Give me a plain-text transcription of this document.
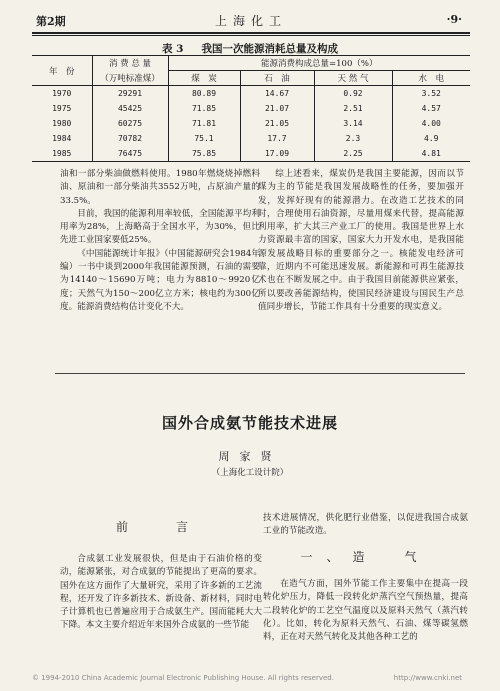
第2期	上海化工	·9·
表 3 我国一次能源消耗总量及构成
年　份	消 费 总 量	能源消费构成总量=100（%）			
	（万吨标准煤）	煤　炭	石　油	天 然 气	水　电
1970	29291	80.89	14.67	0.92	3.52
1975	45425	71.85	21.07	2.51	4.57
1980	60275	71.81	21.05	3.14	4.00
1984	70782	75.1	17.7	2.3	4.9
1985	76475	75.85	17.09	2.25	4.81

油和一部分柴油做燃料使用。1980年燃烧烧掉燃料油、原油和一部分柴油共3552万吨，占原油产量的33.5%。

目前，我国的能源利用率较低，全国能源平均利用率为28%，上海略高于全国水平，为30%，但比先进工业国家要低25%。

《中国能源统计年报》（中国能源研究会1984年编）一书中谈到2000年我国能源预测，石油的需要为14140～15690万吨；电力为8810～9920亿度；天然气为150～200亿立方米；核电约为300亿度。能源消费结构估计变化不大。

综上述看来，煤炭仍是我国主要能源，因而以节煤为主的节能是我国发展战略性的任务，要加强开发，发挥好现有的能源潜力。在改造工艺技术的同时，合理使用石油资源，尽量用煤来代替，提高能源利用率，扩大其三产业工厂的使用。我国是世界上水力资源最丰富的国家，国家大力开发水电，是我国能源发展战略目标的重要部分之一。核能发电经济可靠，近期内不可能迅速发展。新能源和可再生能源技术也在不断发展之中。由于我国目前能源供应紧张，所以要改善能源结构，使国民经济建设与国民生产总值同步增长，节能工作具有十分重要的现实意义。

国外合成氨节能技术进展
周家贤
（上海化工设计院）
前　言
一、造　气

合成氨工业发展很快，但是由于石油价格的变动，能源紧张，对合成氨的节能提出了更高的要求。国外在这方面作了大量研究，采用了许多新的工艺流程，还开发了许多新技术、新设备、新材料，同时电子计算机也已普遍应用于合成氨生产。国而能耗大大下降。本文主要介绍近年来国外合成氨的一些节能

技术进展情况，供化肥行业借鉴，以促进我国合成氨工业的节能改造。

在造气方面，国外节能工作主要集中在提高一段转化炉压力，降低一段转化炉蒸汽空气预热量，提高二段转化炉的工艺空气温度以及原料天然气（蒸汽转化）。比如，转化为原料天然气、石油、煤等碳氢燃料，正在对天然气转化及其他各种工艺的

© 1994-2010 China Academic Journal Electronic Publishing House. All rights reserved.	http://www.cnki.net
